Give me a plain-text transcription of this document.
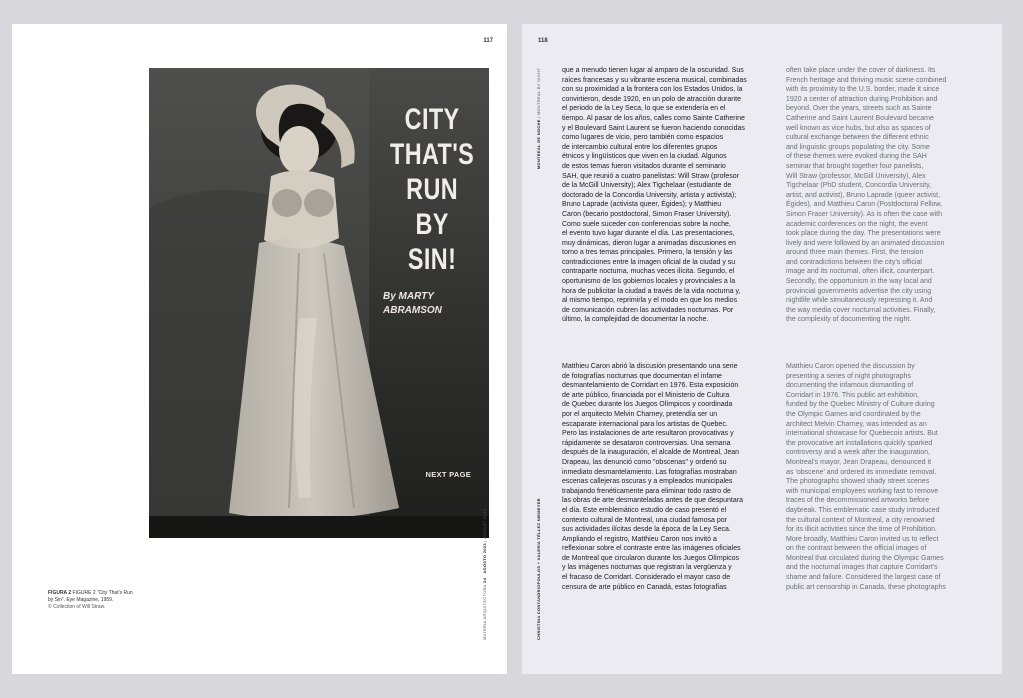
117
CITY
THAT'S
RUN BY
SIN!
By MARTY
ABRAMSON
NEXT PAGE
FIGURA 2 FIGURE 2 “City That’s Run by Sin”. Eye Magazine, 1959.
© Collection of Will Straw.	MATERIA ARQUITECTURA 24   AGOSTO 2023 | AUGUST 2023
118
MONTREAL DE NOCHE | MONTREAL BY NIGHT
CHRISTINA CONTANDRIOPOULOS + VALERIA TÉLLEZ NIEMEYER
que a menudo tienen lugar al amparo de la oscuridad. Sus
raíces francesas y su vibrante escena musical, combinadas
con su proximidad a la frontera con los Estados Unidos, la
convirtieron, desde 1920, en un polo de atracción durante
el periodo de la Ley Seca, lo que se extendería en el
tiempo. Al pasar de los años, calles como Sainte Catherine
y el Boulevard Saint Laurent se fueron haciendo conocidas
como lugares de vicio, pero también como espacios
de intercambio cultural entre los diferentes grupos
étnicos y lingüísticos que viven en la ciudad. Algunos
de estos temas fueron visitados durante el seminario
SAH, que reunió a cuatro panelistas: Will Straw (profesor
de la McGill University); Alex Tigchelaar (estudiante de
doctorado de la Concordia University, artista y activista);
Bruno Laprade (activista queer, Égides); y Matthieu
Caron (becario postdoctoral, Simon Fraser University).
Como suele suceder con conferencias sobre la noche,
el evento tuvo lugar durante el día. Las presentaciones,
muy dinámicas, dieron lugar a animadas discusiones en
torno a tres temas principales. Primero, la tensión y las
contradicciones entre la imagen oficial de la ciudad y su
contraparte nocturna, muchas veces ilícita. Segundo, el
oportunismo de los gobiernos locales y provinciales a la
hora de publicitar la ciudad a través de la vida nocturna y,
al mismo tiempo, reprimirla y el modo en que los medios
de comunicación cubren las actividades nocturnas. Por
último, la complejidad de documentar la noche.
Matthieu Caron abrió la discusión presentando una serie
de fotografías nocturnas que documentan el infame
desmantelamiento de Corridart en 1976. Esta exposición
de arte público, financiada por el Ministerio de Cultura
de Quebec durante los Juegos Olímpicos y coordinada
por el arquitecto Melvin Charney, pretendía ser un
escaparate internacional para los artistas de Quebec.
Pero las instalaciones de arte resultaron provocativas y
rápidamente se desataron controversias. Una semana
después de la inauguración, el alcalde de Montreal, Jean
Drapeau, las denunció como "obscenas" y ordenó su
inmediato desmantelamiento. Las fotografías mostraban
escenas callejeras oscuras y a empleados municipales
trabajando frenéticamente para eliminar todo rastro de
las obras de arte desmanteladas antes de que despuntara
el día. Este emblemático estudio de caso presentó el
contexto cultural de Montreal, una ciudad famosa por
sus actividades ilícitas desde la época de la Ley Seca.
Ampliando el registro, Matthieu Caron nos invitó a
reflexionar sobre el contraste entre las imágenes oficiales
de Montreal que circularon durante los Juegos Olímpicos
y las imágenes nocturnas que registran la vergüenza y
el fracaso de Corridart. Considerado el mayor caso de
censura de arte público en Canadá, estas fotografías
often take place under the cover of darkness. Its
French heritage and thriving music scene combined
with its proximity to the U.S. border, made it since
1920 a center of attraction during Prohibition and
beyond. Over the years, streets such as Sainte
Catherine and Saint Laurent Boulevard became
well known as vice hubs, but also as spaces of
cultural exchange between the different ethnic
and linguistic groups populating the city. Some
of these themes were evoked during the SAH
seminar that brought together four panelists,
Will Straw (professor, McGill University), Alex
Tigchelaar (PhD student, Concordia University,
artist, and activist), Bruno Laprade (queer activist,
Égides), and Matthieu Caron (Postdoctoral Fellow,
Simon Fraser University). As is often the case with
academic conferences on the night, the event
took place during the day. The presentations were
lively and were followed by an animated discussion
around three main themes. First, the tension
and contradictions between the city’s official
image and its nocturnal, often illicit, counterpart.
Secondly, the opportunism in the way local and
provincial governments advertise the city using
nightlife while simultaneously repressing it. And
the way media cover nocturnal activities. Finally,
the complexity of documenting the night.
Matthieu Caron opened the discussion by
presenting a series of night photographs
documenting the infamous dismantling of
Corridart in 1976. This public art exhibition,
funded by the Quebec Ministry of Culture during
the Olympic Games and coordinated by the
architect Melvin Charney, was intended as an
international showcase for Quebecois artists. But
the provocative art installations quickly sparked
controversy and a week after the inauguration,
Montreal’s mayor, Jean Drapeau, denounced it
as ‘obscene’ and ordered its immediate removal.
The photographs showed shady street scenes
with municipal employees working fast to remove
traces of the decommissioned artworks before
daybreak. This emblematic case study introduced
the cultural context of Montreal, a city renowned
for its illicit activities since the time of Prohibition.
More broadly, Matthieu Caron invited us to reflect
on the contrast between the official images of
Montreal that circulated during the Olympic Games
and the nocturnal images that capture Corridart’s
shame and failure. Considered the largest case of
public art censorship in Canada, these photographs
